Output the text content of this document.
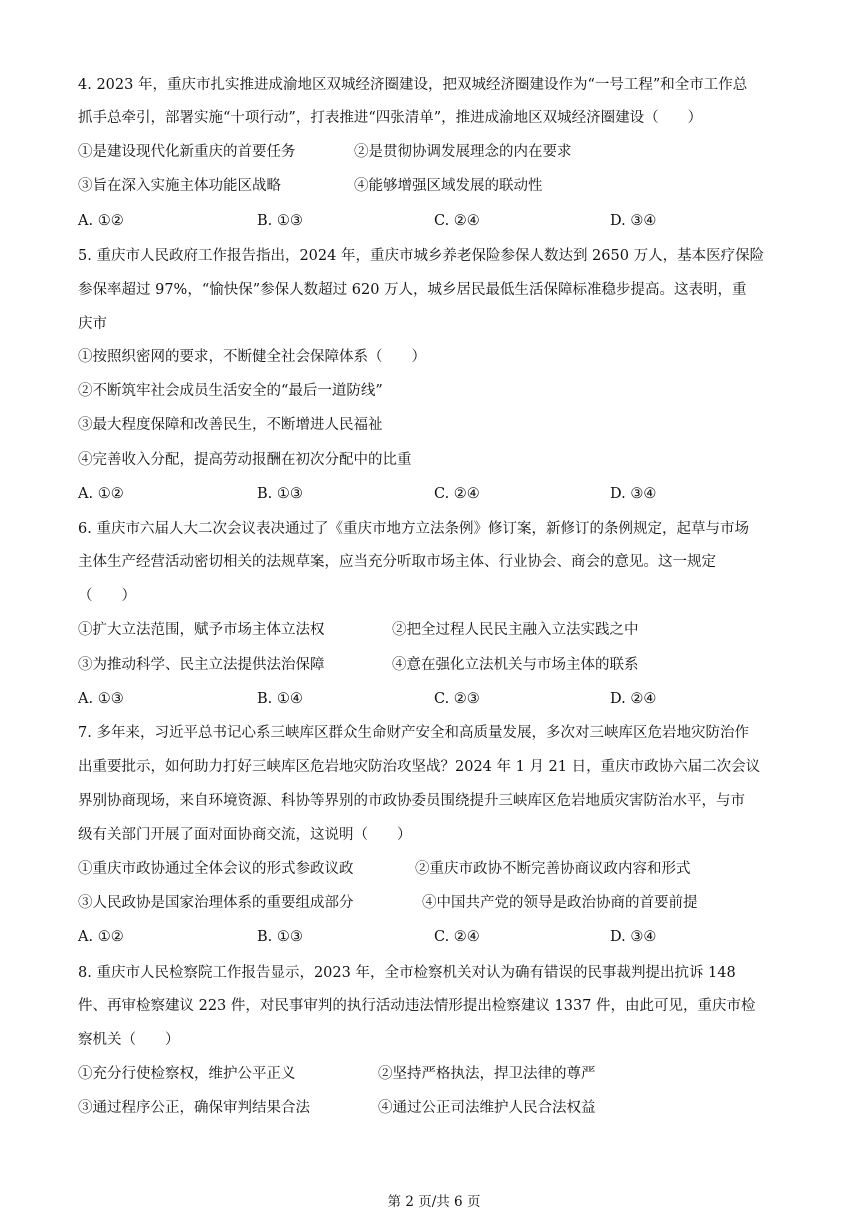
4. 2023 年，重庆市扎实推进成渝地区双城经济圈建设，把双城经济圈建设作为“一号工程”和全市工作总
抓手总牵引，部署实施“十项行动”，打表推进“四张清单”，推进成渝地区双城经济圈建设（　　）
①是建设现代化新重庆的首要任务	②是贯彻协调发展理念的内在要求
③旨在深入实施主体功能区战略	④能够增强区域发展的联动性
A. ①②	B. ①③	C. ②④	D. ③④
5. 重庆市人民政府工作报告指出，2024 年，重庆市城乡养老保险参保人数达到 2650 万人，基本医疗保险
参保率超过 97%，“愉快保”参保人数超过 620 万人，城乡居民最低生活保障标准稳步提高。这表明，重
庆市
①按照织密网的要求，不断健全社会保障体系（　　）
②不断筑牢社会成员生活安全的“最后一道防线”
③最大程度保障和改善民生，不断增进人民福祉
④完善收入分配，提高劳动报酬在初次分配中的比重
A. ①②	B. ①③	C. ②④	D. ③④
6. 重庆市六届人大二次会议表决通过了《重庆市地方立法条例》修订案，新修订的条例规定，起草与市场
主体生产经营活动密切相关的法规草案，应当充分听取市场主体、行业协会、商会的意见。这一规定
（　　）
①扩大立法范围，赋予市场主体立法权	②把全过程人民民主融入立法实践之中
③为推动科学、民主立法提供法治保障	④意在强化立法机关与市场主体的联系
A. ①③	B. ①④	C. ②③	D. ②④
7. 多年来，习近平总书记心系三峡库区群众生命财产安全和高质量发展，多次对三峡库区危岩地灾防治作
出重要批示，如何助力打好三峡库区危岩地灾防治攻坚战？2024 年 1 月 21 日，重庆市政协六届二次会议
界别协商现场，来自环境资源、科协等界别的市政协委员围绕提升三峡库区危岩地质灾害防治水平，与市
级有关部门开展了面对面协商交流，这说明（　　）
①重庆市政协通过全体会议的形式参政议政	②重庆市政协不断完善协商议政内容和形式
③人民政协是国家治理体系的重要组成部分	④中国共产党的领导是政治协商的首要前提
A. ①②	B. ①③	C. ②④	D. ③④
8. 重庆市人民检察院工作报告显示，2023 年，全市检察机关对认为确有错误的民事裁判提出抗诉 148
件、再审检察建议 223 件，对民事审判的执行活动违法情形提出检察建议 1337 件，由此可见，重庆市检
察机关（　　）
①充分行使检察权，维护公平正义	②坚持严格执法，捍卫法律的尊严
③通过程序公正，确保审判结果合法	④通过公正司法维护人民合法权益
第 2 页/共 6 页
